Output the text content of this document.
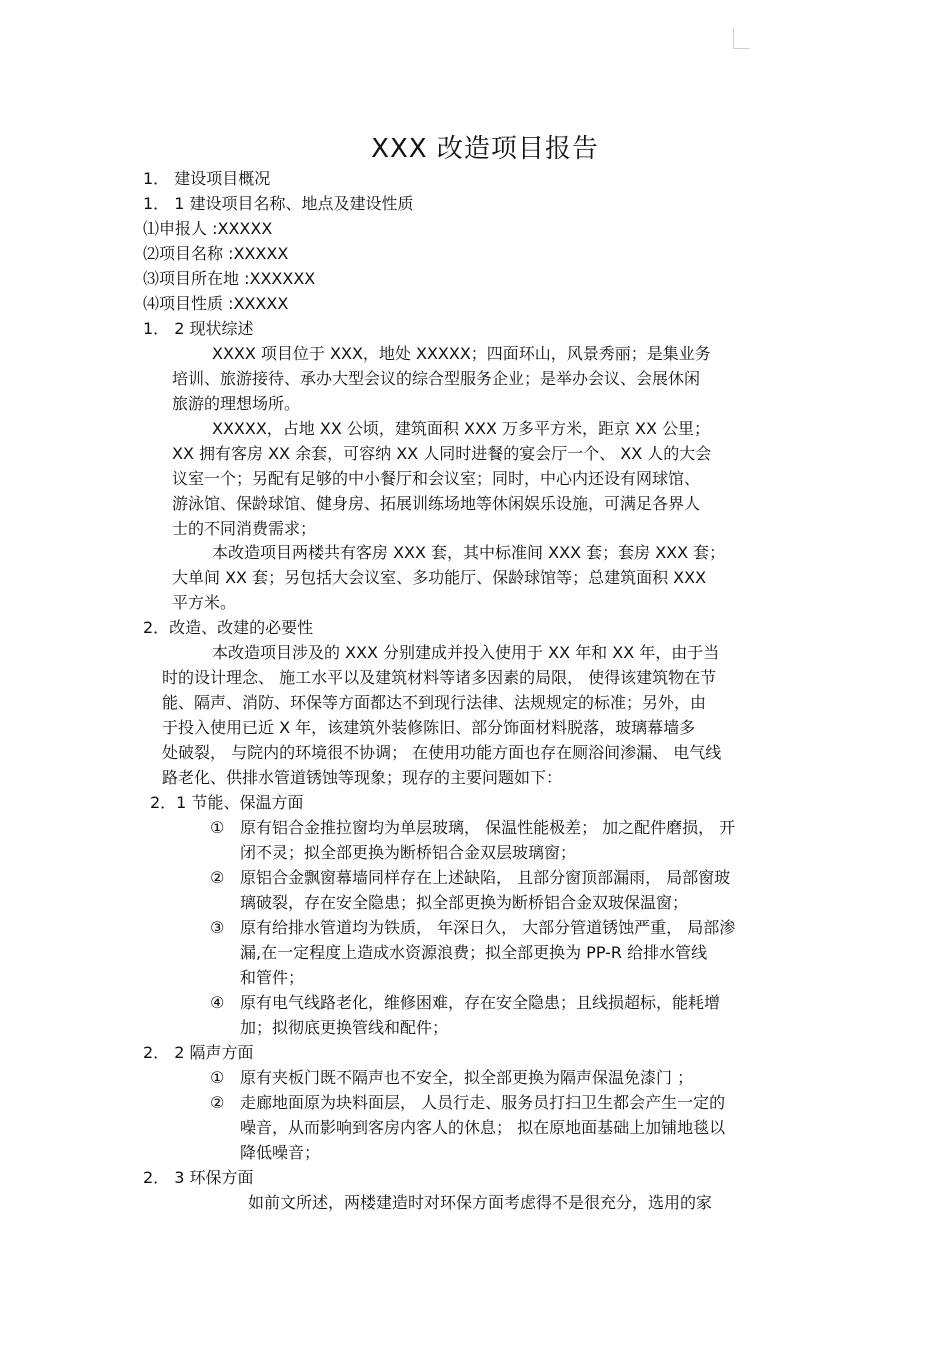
XXX 改造项目报告
1． 建设项目概况
1． 1 建设项目名称、地点及建设性质
⑴申报人 :XXXXX
⑵项目名称 :XXXXX
⑶项目所在地 :XXXXXX
⑷项目性质 :XXXXX
1． 2 现状综述
XXXX 项目位于 XXX，地处 XXXXX；四面环山，风景秀丽；是集业务
培训、旅游接待、承办大型会议的综合型服务企业；是举办会议、会展休闲
旅游的理想场所。
XXXXX，占地 XX 公顷，建筑面积 XXX 万多平方米，距京 XX 公里；
XX 拥有客房 XX 余套，可容纳 XX 人同时进餐的宴会厅一个、 XX 人的大会
议室一个；另配有足够的中小餐厅和会议室；同时，中心内还设有网球馆、
游泳馆、保龄球馆、健身房、拓展训练场地等休闲娱乐设施，可满足各界人
士的不同消费需求；
本改造项目两楼共有客房 XXX 套，其中标准间 XXX 套；套房 XXX 套；
大单间 XX 套；另包括大会议室、多功能厅、保龄球馆等；总建筑面积 XXX
平方米。
2．改造、改建的必要性
本改造项目涉及的 XXX 分别建成并投入使用于 XX 年和 XX 年，由于当
时的设计理念、 施工水平以及建筑材料等诸多因素的局限， 使得该建筑物在节
能、隔声、消防、环保等方面都达不到现行法律、法规规定的标准；另外，由
于投入使用已近 X 年，该建筑外装修陈旧、部分饰面材料脱落，玻璃幕墙多
处破裂， 与院内的环境很不协调； 在使用功能方面也存在厕浴间渗漏、 电气线
路老化、供排水管道锈蚀等现象；现存的主要问题如下：
2．1 节能、保温方面
① 原有铝合金推拉窗均为单层玻璃， 保温性能极差； 加之配件磨损， 开
闭不灵；拟全部更换为断桥铝合金双层玻璃窗；
② 原铝合金飘窗幕墙同样存在上述缺陷， 且部分窗顶部漏雨， 局部窗玻
璃破裂，存在安全隐患；拟全部更换为断桥铝合金双玻保温窗；
③ 原有给排水管道均为铁质， 年深日久， 大部分管道锈蚀严重， 局部渗
漏,在一定程度上造成水资源浪费；拟全部更换为 PP-R 给排水管线
和管件；
④ 原有电气线路老化，维修困难，存在安全隐患；且线损超标，能耗增
加；拟彻底更换管线和配件；
2． 2 隔声方面
① 原有夹板门既不隔声也不安全，拟全部更换为隔声保温免漆门 ；
② 走廊地面原为块料面层， 人员行走、服务员打扫卫生都会产生一定的
噪音，从而影响到客房内客人的休息； 拟在原地面基础上加铺地毯以
降低噪音；
2． 3 环保方面
如前文所述，两楼建造时对环保方面考虑得不是很充分，选用的家
